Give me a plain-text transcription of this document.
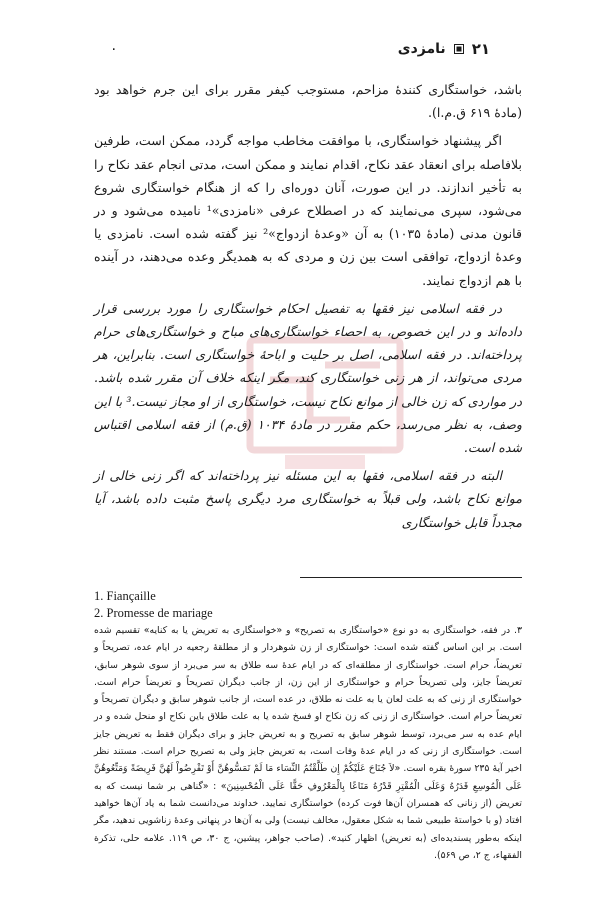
۲۱
نامزدی
۰

باشد، خواستگاری کنندهٔ مزاحم، مستوجب کیفر مقرر برای این جرم خواهد بود (مادهٔ ۶۱۹ ق.م.ا).

اگر پیشنهاد خواستگاری، با موافقت مخاطب مواجه گردد، ممکن است، طرفین بلافاصله برای انعقاد عقد نکاح، اقدام نمایند و ممکن است، مدتی انجام عقد نکاح را به تأخیر اندازند. در این صورت، آنان دوره‌ای را که از هنگام خواستگاری شروع می‌شود، سپری می‌نمایند که در اصطلاح عرفی «نامزدی»¹ نامیده می‌شود و در قانون مدنی (مادهٔ ۱۰۳۵) به آن «وعدهٔ ازدواج»² نیز گفته شده است. نامزدی یا وعدهٔ ازدواج، توافقی است بین زن و مردی که به همدیگر وعده می‌دهند، در آینده با هم ازدواج نمایند.

در فقه اسلامی نیز فقها به تفصیل احکام خواستگاری را مورد بررسی قرار داده‌اند و در این خصوص، به احصاء خواستگاری‌های مباح و خواستگاری‌های حرام پرداخته‌اند. در فقه اسلامی، اصل بر حلیت و اباحهٔ خواستگاری است. بنابراین، هر مردی می‌تواند، از هر زنی خواستگاری کند، مگر اینکه خلاف آن مقرر شده باشد. در مواردی که زن خالی از موانع نکاح نیست، خواستگاری از او مجاز نیست.³ با این وصف، به نظر می‌رسد، حکم مقرر در مادهٔ ۱۰۳۴ (ق.م) از فقه اسلامی اقتباس شده است.

البته در فقه اسلامی، فقها به این مسئله نیز پرداخته‌اند که اگر زنی خالی از موانع نکاح باشد، ولی قبلاً به خواستگاری مرد دیگری پاسخ مثبت داده باشد، آیا مجدداً قابل خواستگاری

1. Fiançaille
2. Promesse de mariage

۳. در فقه، خواستگاری به دو نوع «خواستگاری به تصریح» و «خواستگاری به تعریض یا به کنایه» تقسیم شده است. بر این اساس گفته شده است: خواستگاری از زن شوهردار و از مطلقهٔ رجعیه در ایام عده، تصریحاً و تعریضاً، حرام است. خواستگاری از مطلقه‌ای که در ایام عدهٔ سه طلاق به سر می‌برد از سوی شوهر سابق، تعریضاً جایز، ولی تصریحاً حرام و خواستگاری از این زن، از جانب دیگران تصریحاً و تعریضاً حرام است. خواستگاری از زنی که به علت لعان یا به علت نه طلاق، در عده است، از جانب شوهر سابق و دیگران تصریحاً و تعریضاً حرام است. خواستگاری از زنی که زن نکاح او فسخ شده یا به علت طلاق باین نکاح او منحل شده و در ایام عده به سر می‌برد، توسط شوهر سابق به تصریح و به تعریض جایز و برای دیگران فقط به تعریض جایز است. خواستگاری از زنی که در ایام عدهٔ وفات است، به تعریض جایز ولی به تصریح حرام است. مستند نظر اخیر آیهٔ ۲۳۵ سورهٔ بقره است. «لاَ جُنَاحَ عَلَيْكُمْ إِن طَلَّقْتُمُ النِّسَاء مَا لَمْ تَمَسُّوهُنَّ أَوْ تَفْرِضُواْ لَهُنَّ فَرِيضَةً وَمَتِّعُوهُنَّ عَلَى الْمُوسِعِ قَدَرُهُ وَعَلَى الْمُقْتِرِ قَدْرُهُ مَتَاعًا بِالْمَعْرُوفِ حَقًّا عَلَى الْمُحْسِنِينَ» : «گناهی بر شما نیست که به تعریض (از زنانی که همسران آن‌ها فوت کرده) خواستگاری نمایید. خداوند می‌دانست شما به یاد آن‌ها خواهید افتاد (و با خواستهٔ طبیعی شما به شکل معقول، مخالف نیست) ولی به آن‌ها در پنهانی وعدهٔ زناشویی ندهید، مگر اینکه به‌طور پسندیده‌ای (به تعریض) اظهار کنید». (صاحب جواهر، پیشین، ج ۳۰، ص ۱۱۹. علامه حلی، تذکرة الفقهاء، ج ۲، ص ۵۶۹).
